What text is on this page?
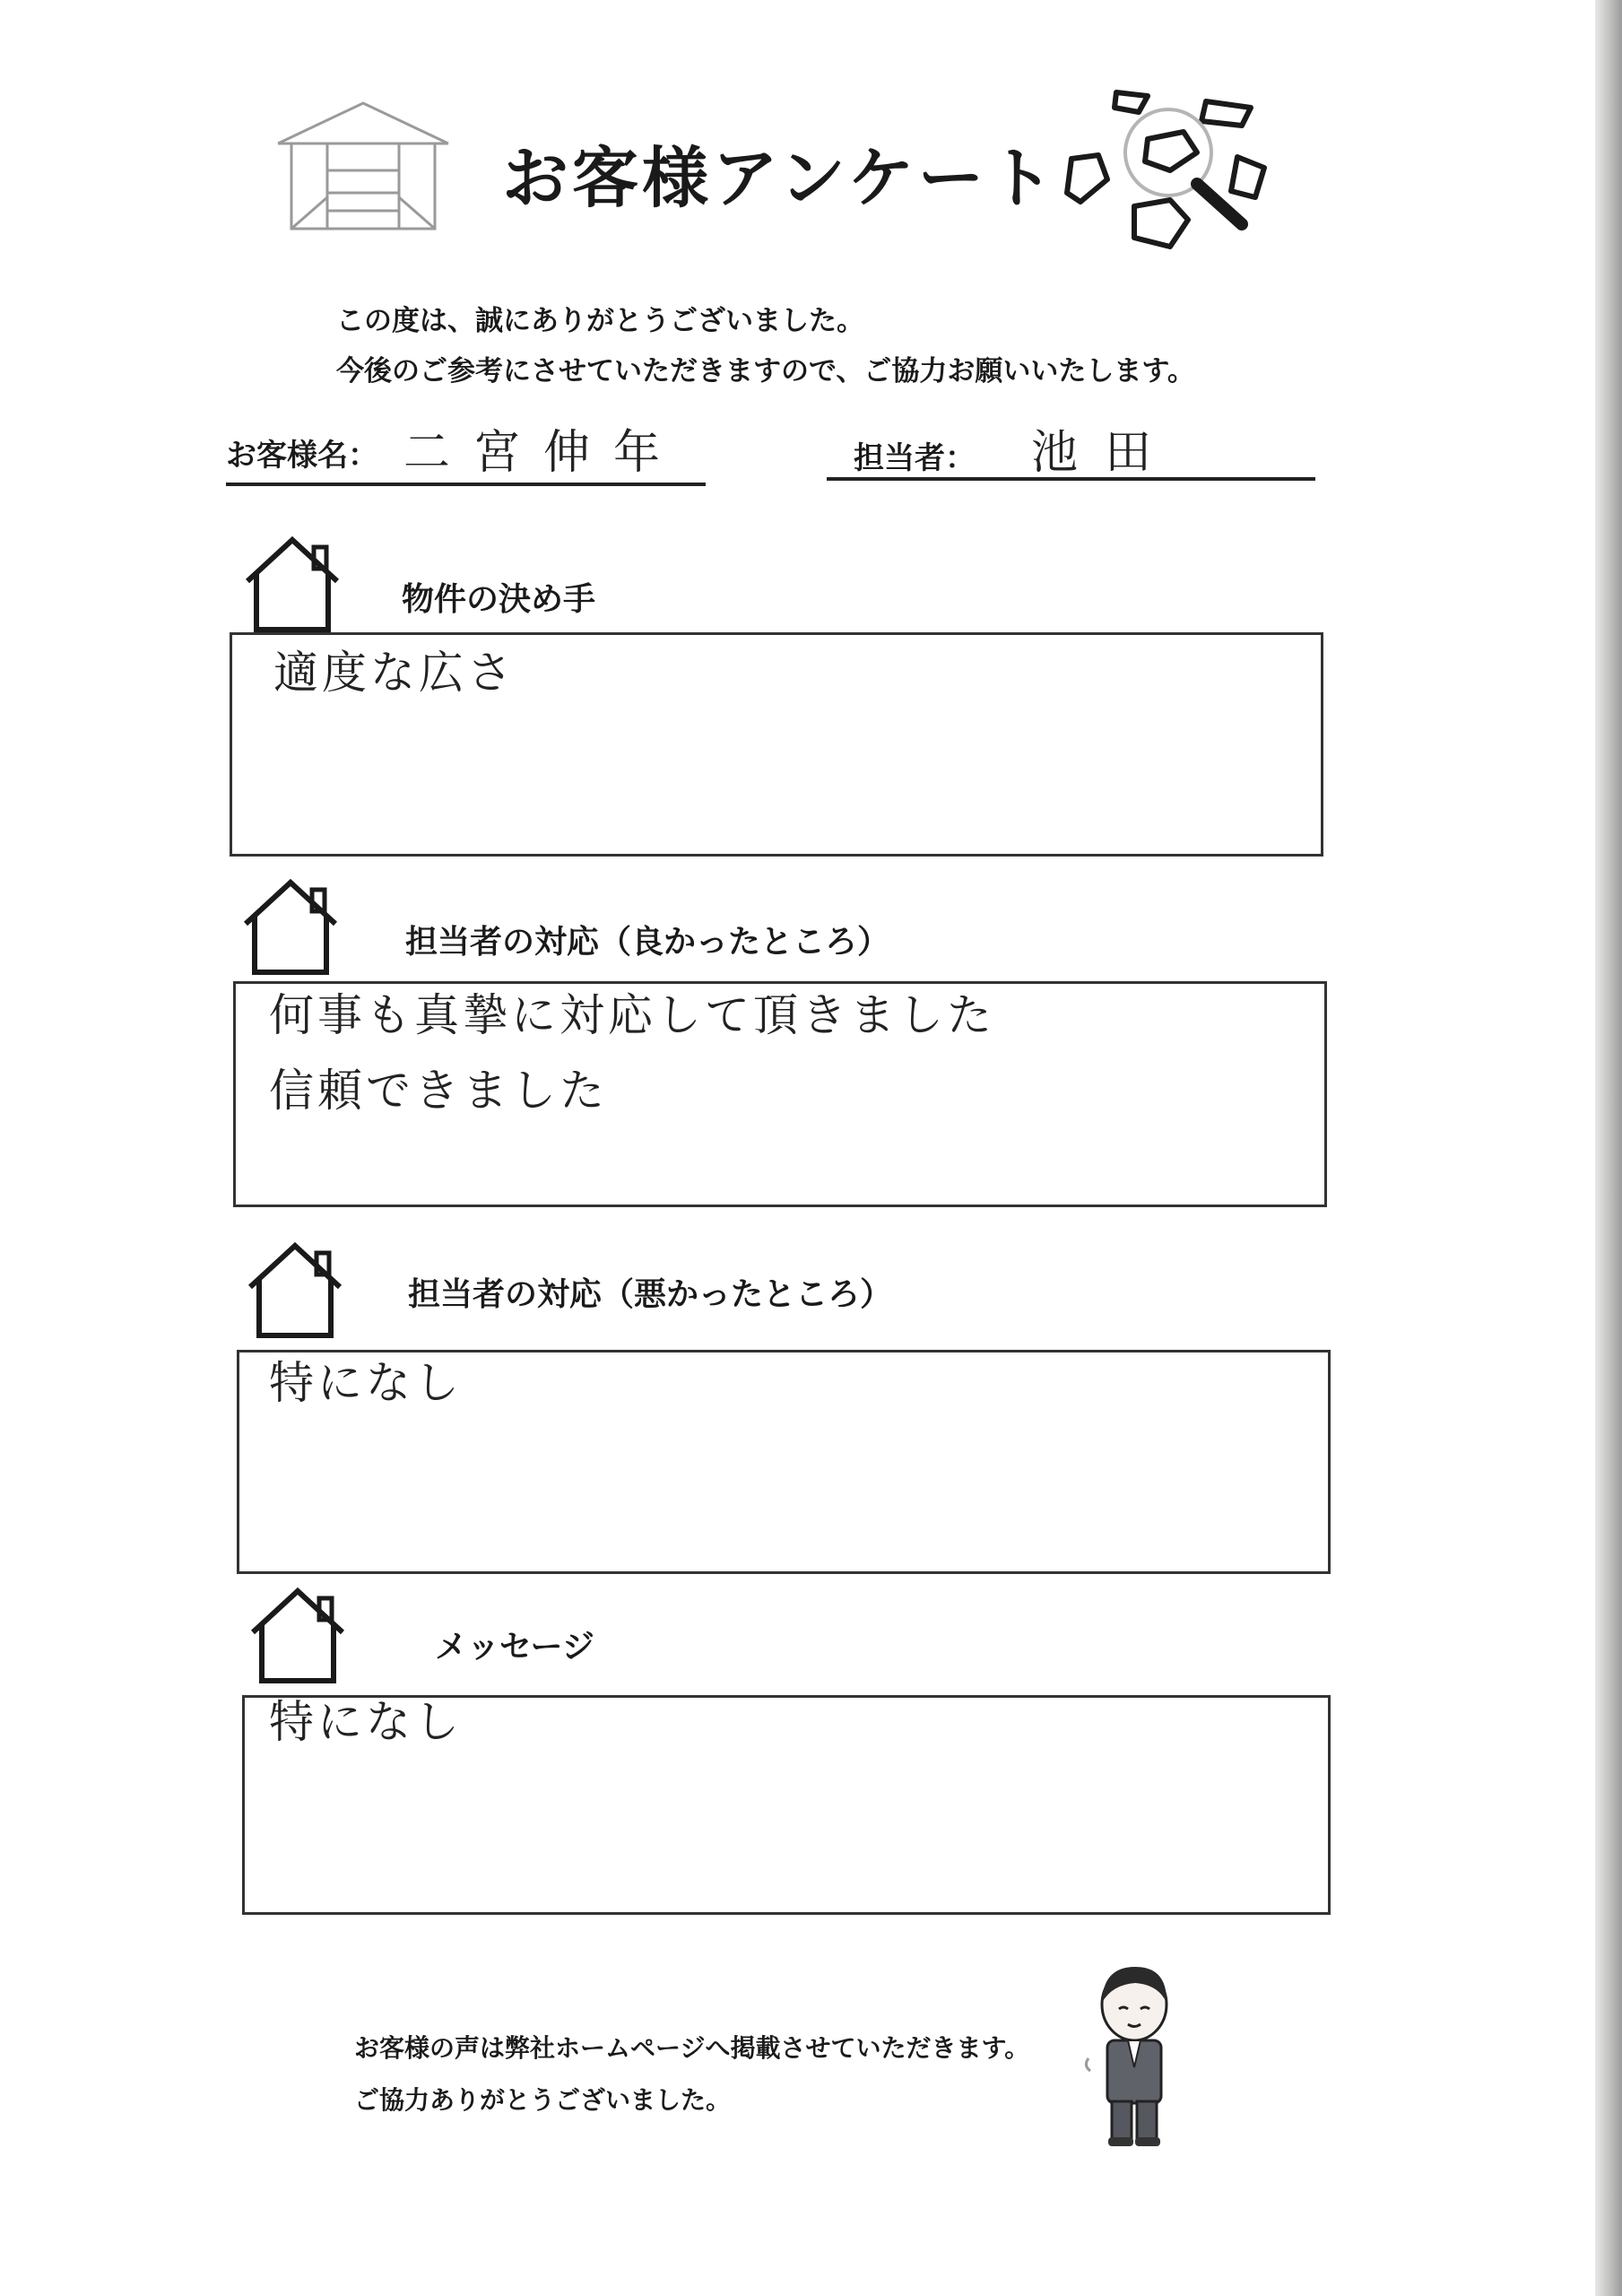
お客様アンケート
この度は、誠にありがとうございました。
今後のご参考にさせていただきますので、ご協力お願いいたします。
お客様名： 二宮伸年	担当者： 池田
物件の決め手
適度な広さ
担当者の対応（良かったところ）
何事も真摯に対応して頂きました
信頼できました
担当者の対応（悪かったところ）
特になし
メッセージ
特になし
お客様の声は弊社ホームページへ掲載させていただきます。
ご協力ありがとうございました。
